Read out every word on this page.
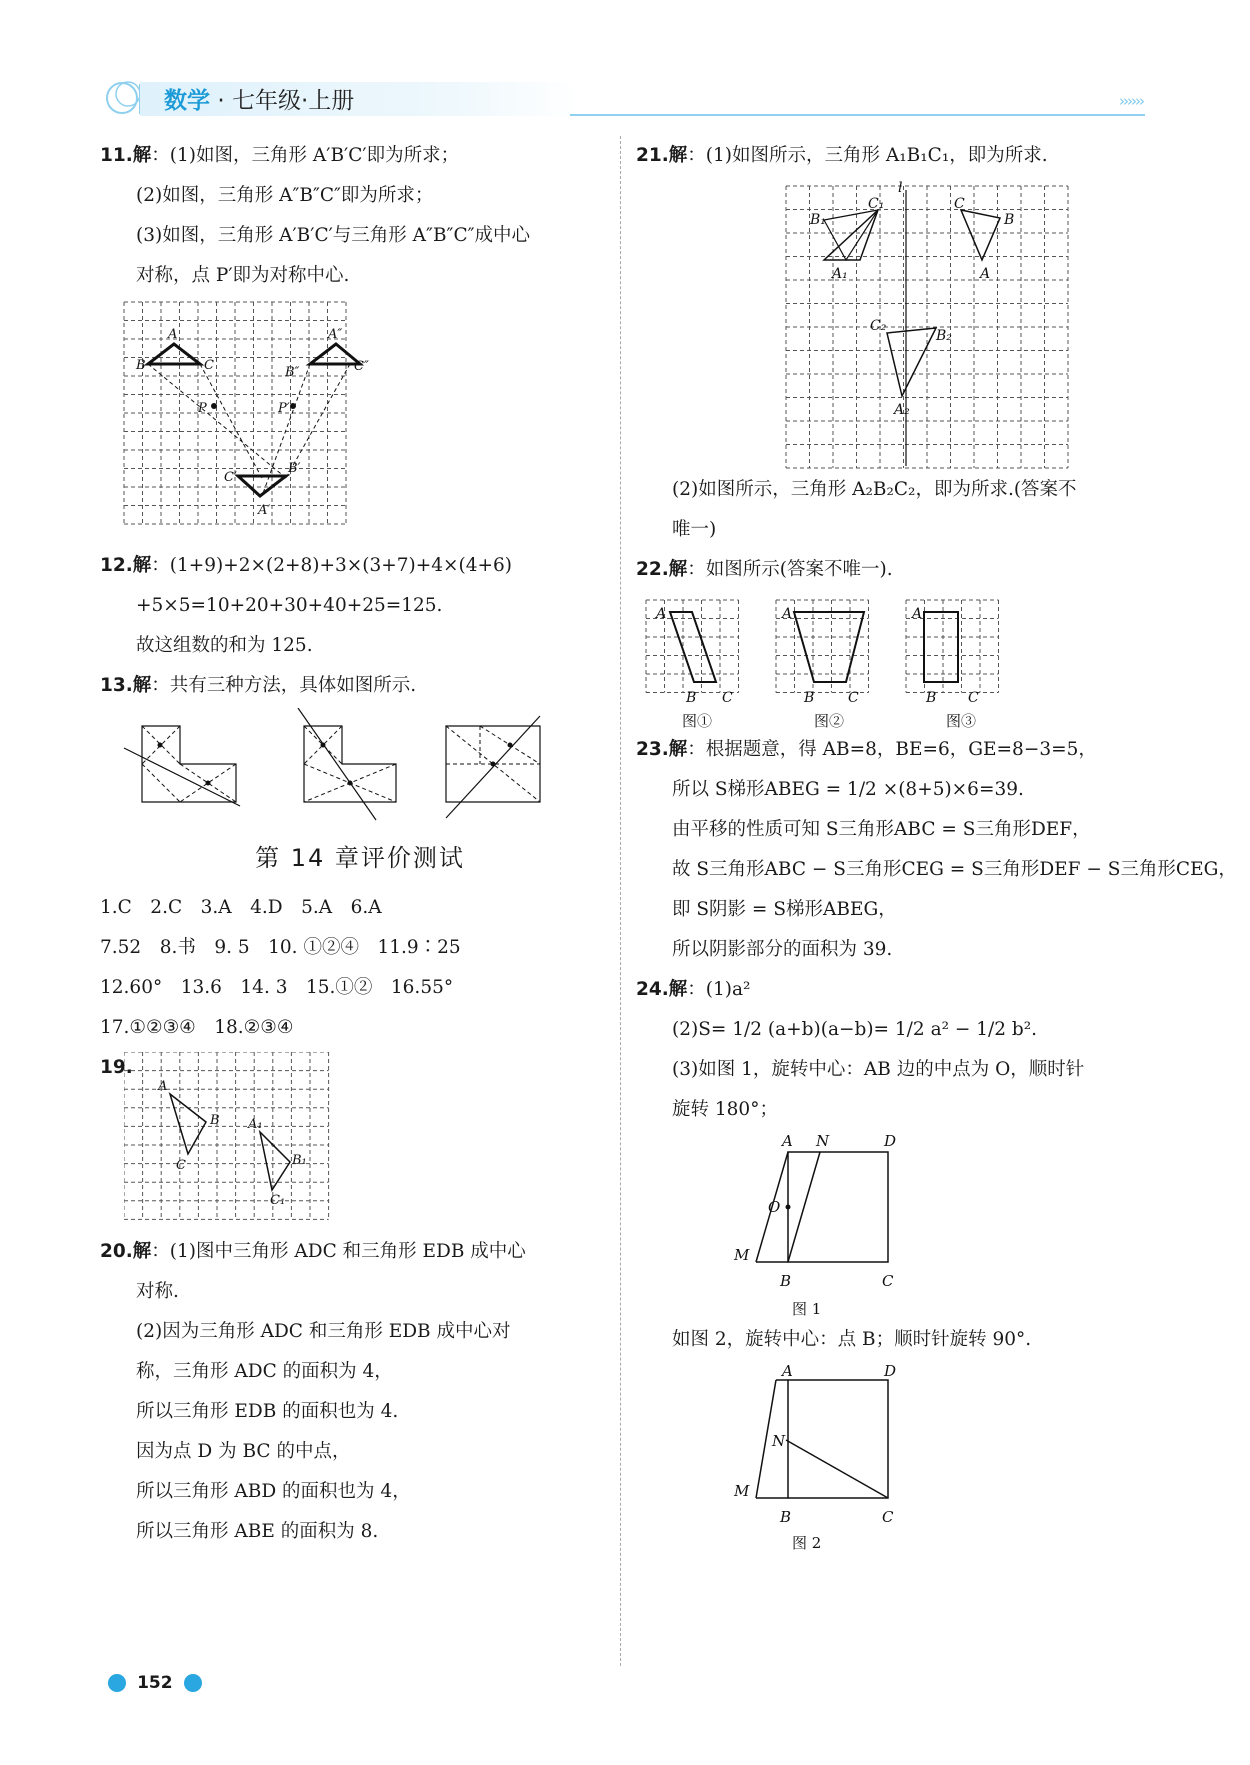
数学 · 七年级·上册	››››››
11.解：(1)如图，三角形 A′B′C′即为所求；
(2)如图，三角形 A″B″C″即为所求；
(3)如图，三角形 A′B′C′与三角形 A″B″C″成中心
对称，点 P′即为对称中心.
A
B	C
A″
B″	C″
P	P′
C′
B′
A′
12.解：(1+9)+2×(2+8)+3×(3+7)+4×(4+6)
+5×5=10+20+30+40+25=125.
故这组数的和为 125.
13.解：共有三种方法，具体如图所示.
第 14 章评价测试
1.C　2.C　3.A　4.D　5.A　6.A
7.52　8.书　9. 5　10. ①②④　11.9∶25
12.60°　13.6　14. 3　15.①②　16.55°
17.①②③④　18.②③④
19.
A
B
C
A₁
B₁
C₁
20.解：(1)图中三角形 ADC 和三角形 EDB 成中心
对称.
(2)因为三角形 ADC 和三角形 EDB 成中心对
称，三角形 ADC 的面积为 4，
所以三角形 EDB 的面积也为 4.
因为点 D 为 BC 的中点，
所以三角形 ABD 的面积也为 4，
所以三角形 ABE 的面积为 8.
21.解：(1)如图所示，三角形 A₁B₁C₁，即为所求.
l
B₁
C₁
A₁
C
B
A
C₂
B₂
A₂
(2)如图所示，三角形 A₂B₂C₂，即为所求.(答案不
唯一)
22.解：如图所示(答案不唯一).
A
B C
A
B C
A
B C
图①	图②	图③
23.解：根据题意，得 AB=8，BE=6，GE=8−3=5，
所以 S梯形ABEG = 1/2 ×(8+5)×6=39.
由平移的性质可知 S三角形ABC = S三角形DEF，
故 S三角形ABC − S三角形CEG = S三角形DEF − S三角形CEG，
即 S阴影 = S梯形ABEG，
所以阴影部分的面积为 39.
24.解：(1)a²
(2)S= 1/2 (a+b)(a−b)= 1/2 a² − 1/2 b².
(3)如图 1，旋转中心：AB 边的中点为 O，顺时针
旋转 180°；
A N	D
O
M
B	C
图 1
如图 2，旋转中心：点 B；顺时针旋转 90°.
A	D
N
M
B	C
图 2
152
